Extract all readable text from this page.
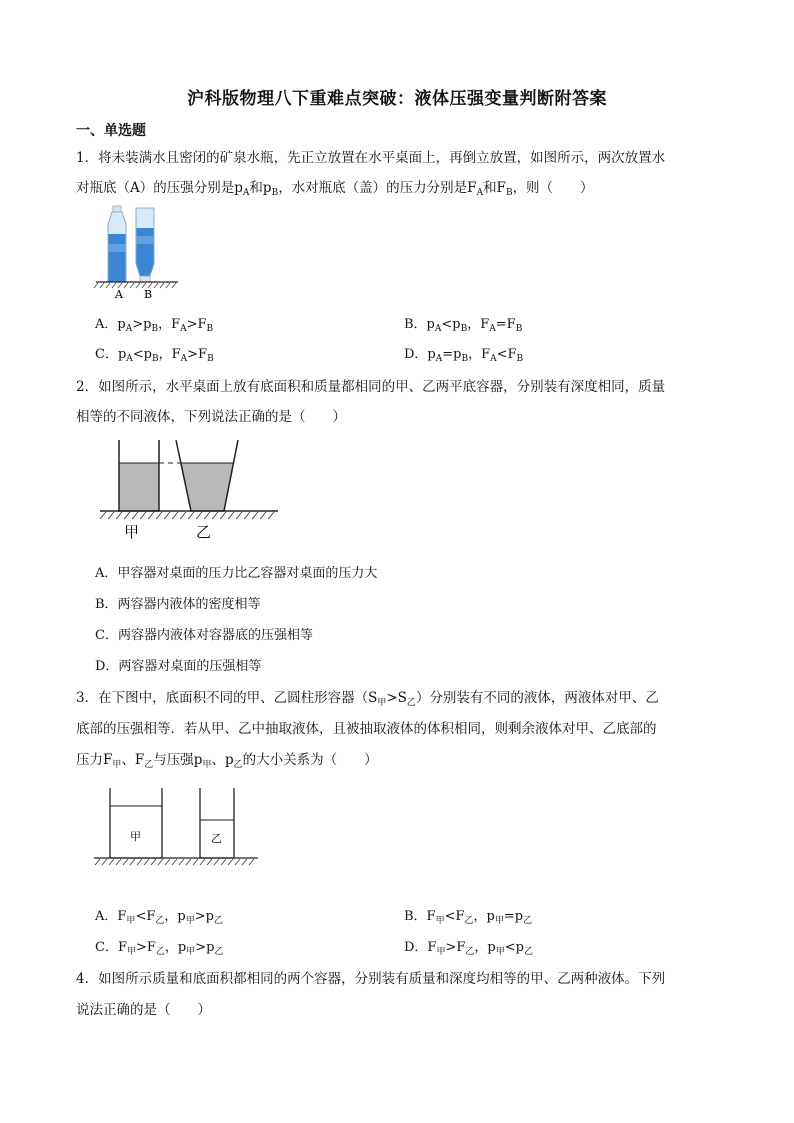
沪科版物理八下重难点突破：液体压强变量判断附答案
一、单选题
1．将未装满水且密闭的矿泉水瓶，先正立放置在水平桌面上，再倒立放置，如图所示，两次放置水
对瓶底（A）的压强分别是$p_A$和$p_B$，水对瓶底（盖）的压力分别是$F_A$和$F_B$，则（　　）
A B
A．$p_A>p_B$，$F_A>F_B$	B．$p_A<p_B$，$F_A=F_B$
C．$p_A<p_B$，$F_A>F_B$	D．$p_A=p_B$，$F_A<F_B$
2．如图所示，水平桌面上放有底面积和质量都相同的甲、乙两平底容器，分别装有深度相同，质量
相等的不同液体，下列说法正确的是（　　）
甲	乙
A．甲容器对桌面的压力比乙容器对桌面的压力大
B．两容器内液体的密度相等
C．两容器内液体对容器底的压强相等
D．两容器对桌面的压强相等
3．在下图中，底面积不同的甲、乙圆柱形容器$(S_甲>S_乙)$分别装有不同的液体，两液体对甲、乙
底部的压强相等．若从甲、乙中抽取液体，且被抽取液体的体积相同，则剩余液体对甲、乙底部的
压力$F_甲$、$F_乙$与压强$p_甲$、$p_乙$的大小关系为（　　）
甲	乙
A．$F_甲<F_乙$，$p_甲>p_乙$	B．$F_甲<F_乙$，$p_甲=p_乙$
C．$F_甲>F_乙$，$p_甲>p_乙$	D．$F_甲>F_乙$，$p_甲<p_乙$
4．如图所示质量和底面积都相同的两个容器，分别装有质量和深度均相等的甲、乙两种液体。下列
说法正确的是（　　）
